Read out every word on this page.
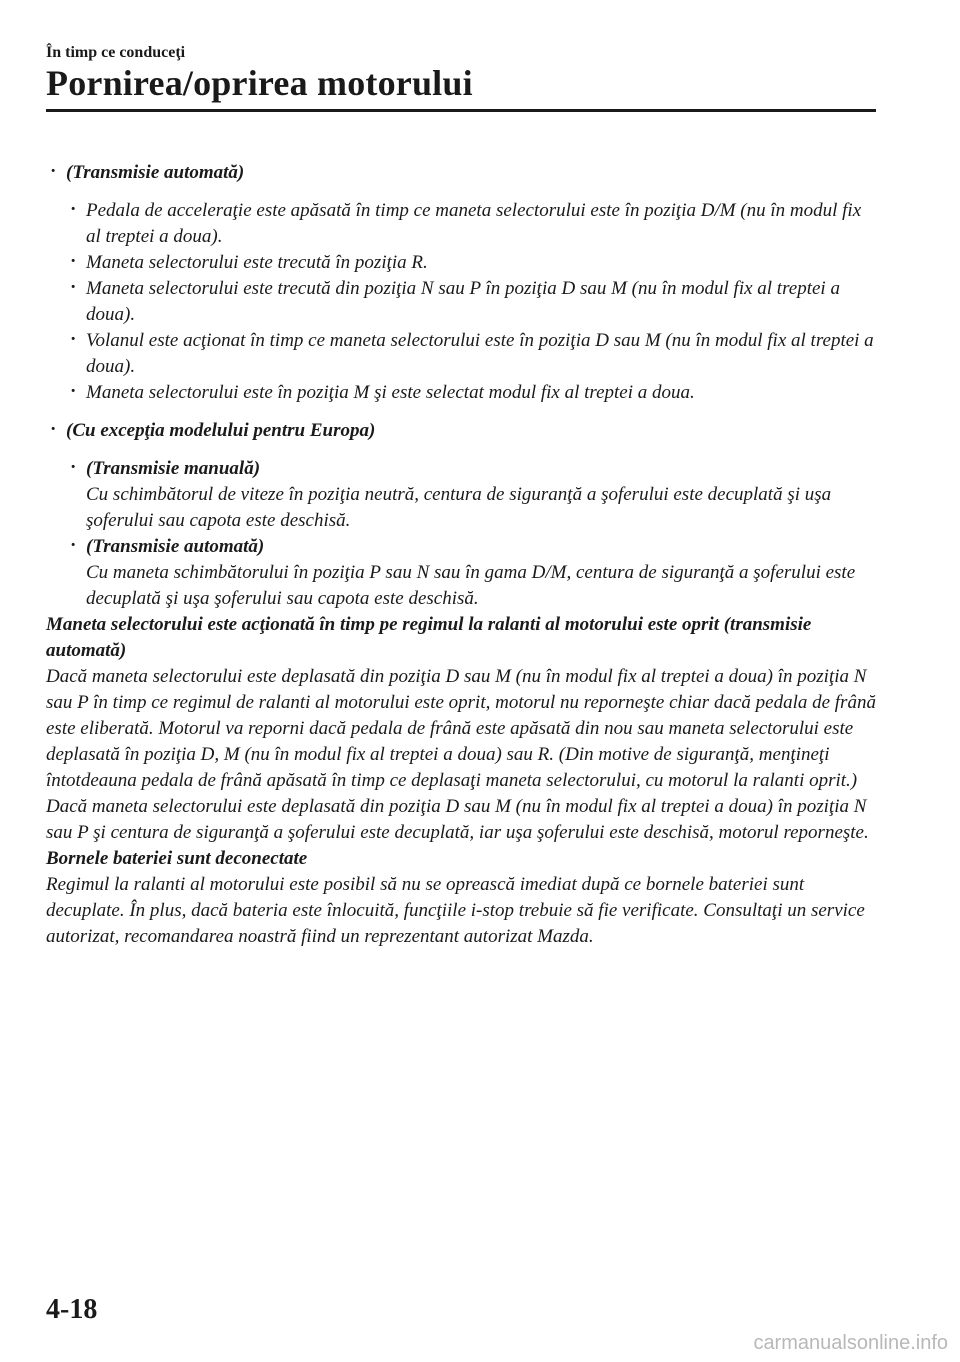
În timp ce conduceţi
Pornirea/oprirea motorului
· (Transmisie automată)
· Pedala de acceleraţie este apăsată în timp ce maneta selectorului este în poziţia D/M (nu în modul fix al treptei a doua).
· Maneta selectorului este trecută în poziţia R.
· Maneta selectorului este trecută din poziţia N sau P în poziţia D sau M (nu în modul fix al treptei a doua).
· Volanul este acţionat în timp ce maneta selectorului este în poziţia D sau M (nu în modul fix al treptei a doua).
· Maneta selectorului este în poziţia M şi este selectat modul fix al treptei a doua.
· (Cu excepţia modelului pentru Europa)
· (Transmisie manuală)
Cu schimbătorul de viteze în poziţia neutră, centura de siguranţă a şoferului este decuplată şi uşa şoferului sau capota este deschisă.
· (Transmisie automată)
Cu maneta schimbătorului în poziţia P sau N sau în gama D/M, centura de siguranţă a şoferului este decuplată şi uşa şoferului sau capota este deschisă.

Maneta selectorului este acţionată în timp pe regimul la ralanti al motorului este oprit (transmisie automată)

Dacă maneta selectorului este deplasată din poziţia D sau M (nu în modul fix al treptei a doua) în poziţia N sau P în timp ce regimul de ralanti al motorului este oprit, motorul nu reporneşte chiar dacă pedala de frână este eliberată. Motorul va reporni dacă pedala de frână este apăsată din nou sau maneta selectorului este deplasată în poziţia D, M (nu în modul fix al treptei a doua) sau R. (Din motive de siguranţă, menţineţi întotdeauna pedala de frână apăsată în timp ce deplasaţi maneta selectorului, cu motorul la ralanti oprit.)

Dacă maneta selectorului este deplasată din poziţia D sau M (nu în modul fix al treptei a doua) în poziţia N sau P şi centura de siguranţă a şoferului este decuplată, iar uşa şoferului este deschisă, motorul reporneşte.

Bornele bateriei sunt deconectate

Regimul la ralanti al motorului este posibil să nu se oprească imediat după ce bornele bateriei sunt decuplate. În plus, dacă bateria este înlocuită, funcţiile i-stop trebuie să fie verificate. Consultaţi un service autorizat, recomandarea noastră fiind un reprezentant autorizat Mazda.

4-18
carmanualsonline.info
